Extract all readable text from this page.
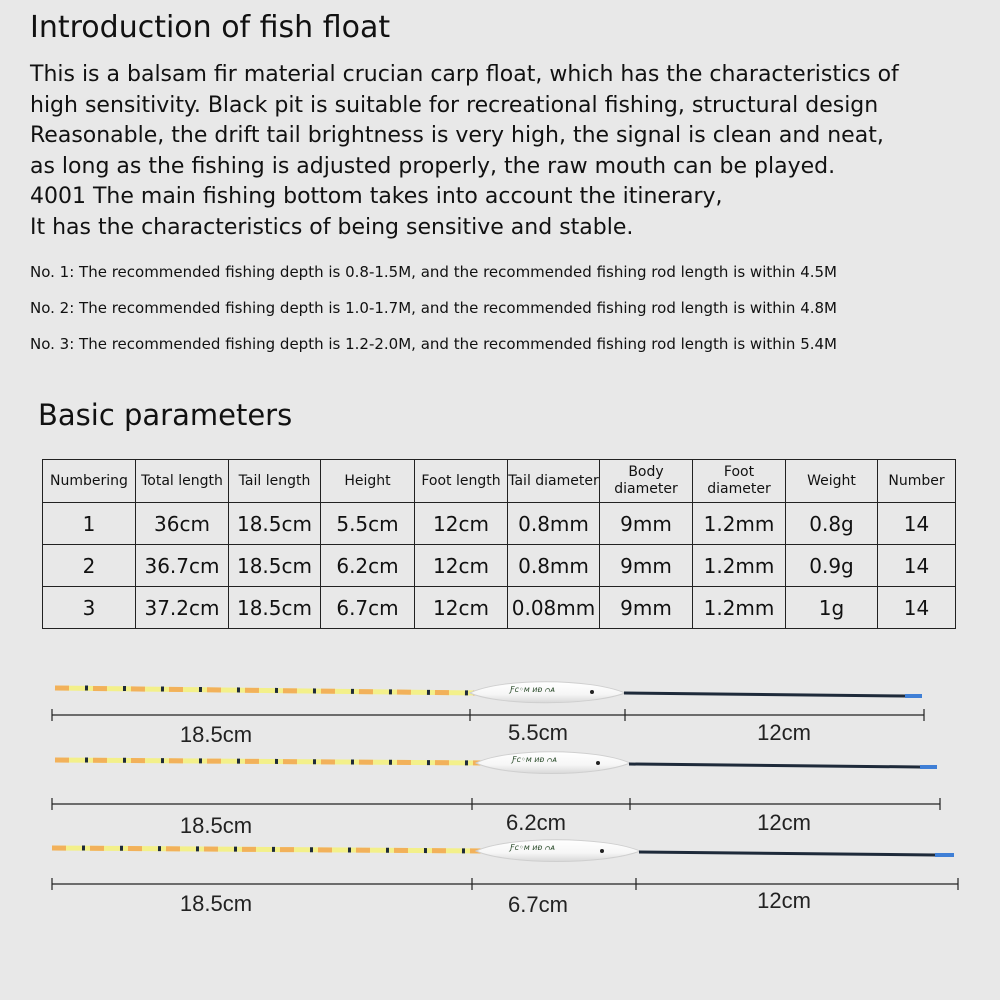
Introduction of fish float
This is a balsam fir material crucian carp float, which has the characteristics of
high sensitivity. Black pit is suitable for recreational fishing, structural design
Reasonable, the drift tail brightness is very high, the signal is clean and neat,
as long as the fishing is adjusted properly, the raw mouth can be played.
4001 The main fishing bottom takes into account the itinerary,
It has the characteristics of being sensitive and stable.
No. 1: The recommended fishing depth is 0.8-1.5M, and the recommended fishing rod length is within 4.5M
No. 2: The recommended fishing depth is 1.0-1.7M, and the recommended fishing rod length is within 4.8M
No. 3: The recommended fishing depth is 1.2-2.0M, and the recommended fishing rod length is within 5.4M
Basic parameters
Numbering	Total length	Tail length	Height	Foot length	Tail diameter	Body diameter	Foot diameter	Weight	Number
1	36cm	18.5cm	5.5cm	12cm	0.8mm	9mm	1.2mm	0.8g	14
2	36.7cm	18.5cm	6.2cm	12cm	0.8mm	9mm	1.2mm	0.9g	14
3	37.2cm	18.5cm	6.7cm	12cm	0.08mm	9mm	1.2mm	1g	14
Ƒᴄ◦ᴍ ᴎᴆ ᴒᴀ
18.5cm	5.5cm	12cm
Ƒᴄ◦ᴍ ᴎᴆ ᴒᴀ
18.5cm	6.2cm	12cm
Ƒᴄ◦ᴍ ᴎᴆ ᴒᴀ
18.5cm	6.7cm	12cm
